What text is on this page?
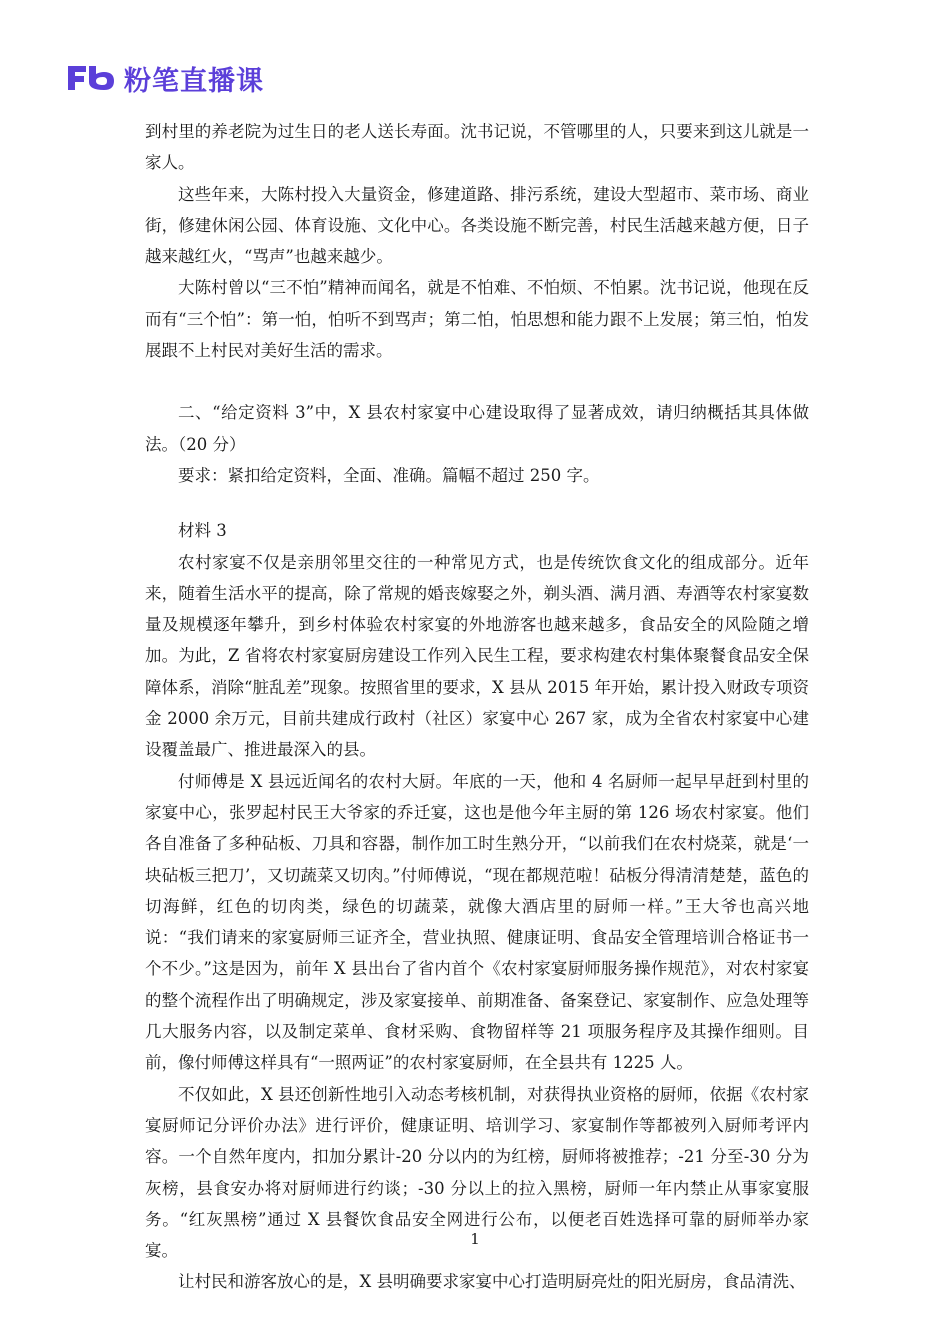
粉笔直播课

到村里的养老院为过生日的老人送长寿面。沈书记说，不管哪里的人，只要来到这儿就是一家人。

这些年来，大陈村投入大量资金，修建道路、排污系统，建设大型超市、菜市场、商业街，修建休闲公园、体育设施、文化中心。各类设施不断完善，村民生活越来越方便，日子越来越红火，“骂声”也越来越少。

大陈村曾以“三不怕”精神而闻名，就是不怕难、不怕烦、不怕累。沈书记说，他现在反而有“三个怕”：第一怕，怕听不到骂声；第二怕，怕思想和能力跟不上发展；第三怕，怕发展跟不上村民对美好生活的需求。

二、“给定资料 3”中，X 县农村家宴中心建设取得了显著成效，请归纳概括其具体做法。（20 分）

要求：紧扣给定资料，全面、准确。篇幅不超过 250 字。

材料 3

农村家宴不仅是亲朋邻里交往的一种常见方式，也是传统饮食文化的组成部分。近年来，随着生活水平的提高，除了常规的婚丧嫁娶之外，剃头酒、满月酒、寿酒等农村家宴数量及规模逐年攀升，到乡村体验农村家宴的外地游客也越来越多，食品安全的风险随之增加。为此，Z 省将农村家宴厨房建设工作列入民生工程，要求构建农村集体聚餐食品安全保障体系，消除“脏乱差”现象。按照省里的要求，X 县从 2015 年开始，累计投入财政专项资金 2000 余万元，目前共建成行政村（社区）家宴中心 267 家，成为全省农村家宴中心建设覆盖最广、推进最深入的县。

付师傅是 X 县远近闻名的农村大厨。年底的一天，他和 4 名厨师一起早早赶到村里的家宴中心，张罗起村民王大爷家的乔迁宴，这也是他今年主厨的第 126 场农村家宴。他们各自准备了多种砧板、刀具和容器，制作加工时生熟分开，“以前我们在农村烧菜，就是‘一块砧板三把刀’，又切蔬菜又切肉。”付师傅说，“现在都规范啦！砧板分得清清楚楚，蓝色的切海鲜，红色的切肉类，绿色的切蔬菜，就像大酒店里的厨师一样。”王大爷也高兴地说：“我们请来的家宴厨师三证齐全，营业执照、健康证明、食品安全管理培训合格证书一个不少。”这是因为，前年 X 县出台了省内首个《农村家宴厨师服务操作规范》，对农村家宴的整个流程作出了明确规定，涉及家宴接单、前期准备、备案登记、家宴制作、应急处理等几大服务内容，以及制定菜单、食材采购、食物留样等 21 项服务程序及其操作细则。目前，像付师傅这样具有“一照两证”的农村家宴厨师，在全县共有 1225 人。

不仅如此，X 县还创新性地引入动态考核机制，对获得执业资格的厨师，依据《农村家宴厨师记分评价办法》进行评价，健康证明、培训学习、家宴制作等都被列入厨师考评内容。一个自然年度内，扣加分累计-20 分以内的为红榜，厨师将被推荐；-21 分至-30 分为灰榜，县食安办将对厨师进行约谈；-30 分以上的拉入黑榜，厨师一年内禁止从事家宴服务。“红灰黑榜”通过 X 县餐饮食品安全网进行公布，以便老百姓选择可靠的厨师举办家宴。

让村民和游客放心的是，X 县明确要求家宴中心打造明厨亮灶的阳光厨房，食品清洗、

1
